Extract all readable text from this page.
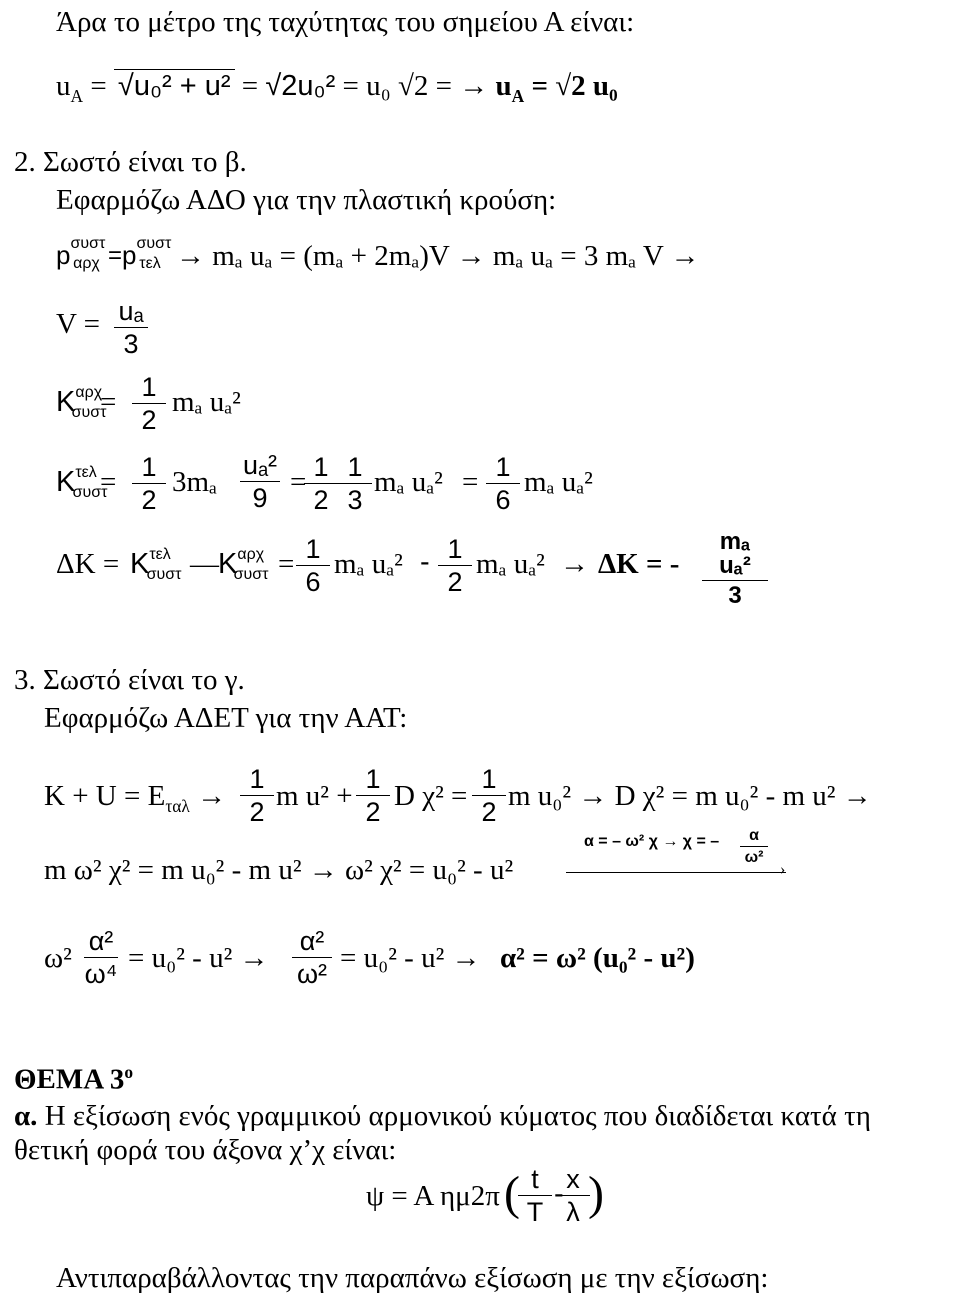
Άρα το μέτρο της ταχύτητας του σημείου Α είναι:
$u_A = √u_0^2 + u^2 = √2u_0^2 = u_0$ √2 = → $u_A = √2$ u₀
2. Σωστό είναι το β.
Εφαρμόζω ΑΔΟ για την πλαστική κρούση:
$p^{\sigma\upsilon\sigma\tau}\alpha\rho\chi = p^{\sigma\upsilon\sigma\tau}\tau\varepsilon\lambda \to m_a$ uₐ = (mₐ + 2mₐ)V → mₐ uₐ = 3 mₐ V →
V = uₐ
3
$K^{\alpha\rho\chi}_{\sigma\upsilon\sigma\tau}$
= 1
2
mₐ uₐ²
$K^{\tau\varepsilon\lambda}_{\sigma\upsilon\sigma\tau}$
= 1
2
3mₐ
uₐ²
9 = 1
2
1
3
mₐ uₐ² = 1
6
mₐ uₐ²
$\Delta K = K^{\tau\varepsilon\lambda}_{\sigma\upsilon\sigma\tau}$ — $K^{\alpha\rho\chi}_{\sigma\upsilon\sigma\tau} = 1$
6
mₐ uₐ² - 1
2
mₐ uₐ² → ΔK = -
mₐ uₐ²
3
3. Σωστό είναι το γ.
Εφαρμόζω ΑΔΕΤ για την ΑΑΤ:
$K + U = E_{\tau\alpha\lambda}$ →
1
2 m u² +
1
2 D χ² =
1
2 m u₀² → D χ² = m u₀² - m u² →
m ω² χ² = m u₀² - m u² → ω² χ² = u₀² - u²
α = – ω² χ → χ = –	α
ω²
›
ω²
α²
ω⁴ = u₀² - u² →
α²
ω² = u₀² - u² → α² = ω² (u₀² - u²)
ΘΕΜΑ $3^o$
α. Η εξίσωση ενός γραμμικού αρμονικού κύματος που διαδίδεται κατά τη
θετική φορά του άξονα χ’χ είναι:
ψ = Α ημ2π ( t
T
- x
λ )
Αντιπαραβάλλοντας την παραπάνω εξίσωση με την εξίσωση:
